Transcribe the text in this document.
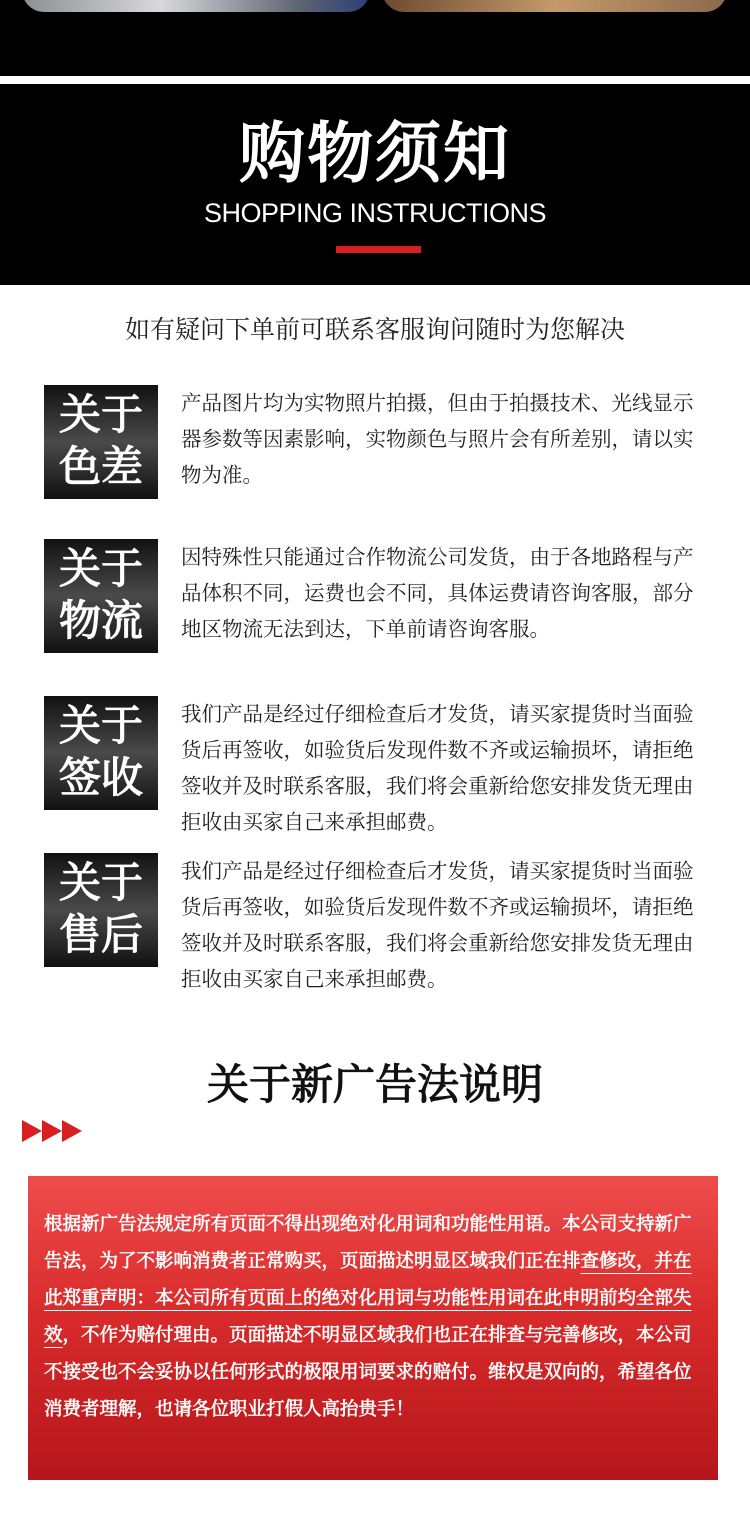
购物须知
SHOPPING INSTRUCTIONS
如有疑问下单前可联系客服询问随时为您解决
关于
色差
产品图片均为实物照片拍摄，但由于拍摄技术、光线显示器参数等因素影响，实物颜色与照片会有所差别，请以实物为准。
关于
物流
因特殊性只能通过合作物流公司发货，由于各地路程与产品体积不同，运费也会不同，具体运费请咨询客服，部分地区物流无法到达，下单前请咨询客服。
关于
签收
我们产品是经过仔细检查后才发货，请买家提货时当面验货后再签收，如验货后发现件数不齐或运输损坏，请拒绝签收并及时联系客服，我们将会重新给您安排发货无理由拒收由买家自己来承担邮费。
关于
售后
我们产品是经过仔细检查后才发货，请买家提货时当面验货后再签收，如验货后发现件数不齐或运输损坏，请拒绝签收并及时联系客服，我们将会重新给您安排发货无理由拒收由买家自己来承担邮费。
关于新广告法说明

根据新广告法规定所有页面不得出现绝对化用词和功能性用语。本公司支持新广告法，为了不影响消费者正常购买，页面描述明显区域我们正在排查修改，并在此郑重声明：本公司所有页面上的绝对化用词与功能性用词在此申明前均全部失效，不作为赔付理由。页面描述不明显区域我们也正在排查与完善修改，本公司不接受也不会妥协以任何形式的极限用词要求的赔付。维权是双向的，希望各位消费者理解，也请各位职业打假人高抬贵手！
